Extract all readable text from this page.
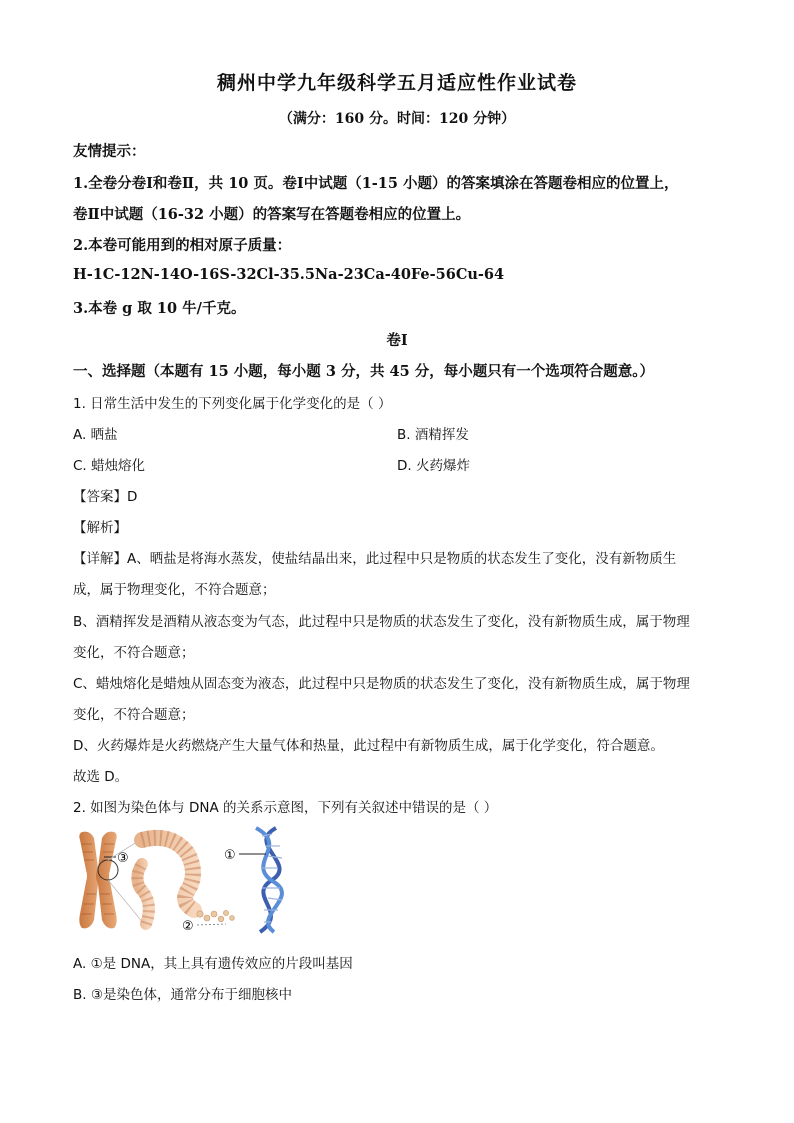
稠州中学九年级科学五月适应性作业试卷
（满分：160 分。时间：120 分钟）
友情提示：
1.全卷分卷Ⅰ和卷Ⅱ，共 10 页。卷Ⅰ中试题（1-15 小题）的答案填涂在答题卷相应的位置上，
卷Ⅱ中试题（16-32 小题）的答案写在答题卷相应的位置上。
2.本卷可能用到的相对原子质量：
H-1C-12N-14O-16S-32Cl-35.5Na-23Ca-40Fe-56Cu-64
3.本卷 g 取 10 牛/千克。
卷Ⅰ
一、选择题（本题有 15 小题，每小题 3 分，共 45 分，每小题只有一个选项符合题意。）
1. 日常生活中发生的下列变化属于化学变化的是（ ）
A. 晒盐	B. 酒精挥发
C. 蜡烛熔化	D. 火药爆炸
【答案】D
【解析】
【详解】A、晒盐是将海水蒸发，使盐结晶出来，此过程中只是物质的状态发生了变化，没有新物质生
成，属于物理变化，不符合题意；
B、酒精挥发是酒精从液态变为气态，此过程中只是物质的状态发生了变化，没有新物质生成，属于物理
变化，不符合题意；
C、蜡烛熔化是蜡烛从固态变为液态，此过程中只是物质的状态发生了变化，没有新物质生成，属于物理
变化，不符合题意；
D、火药爆炸是火药燃烧产生大量气体和热量，此过程中有新物质生成，属于化学变化，符合题意。
故选 D。
2. 如图为染色体与 DNA 的关系示意图，下列有关叙述中错误的是（ ）
③
②
①
A. ①是 DNA，其上具有遗传效应的片段叫基因
B. ③是染色体，通常分布于细胞核中
